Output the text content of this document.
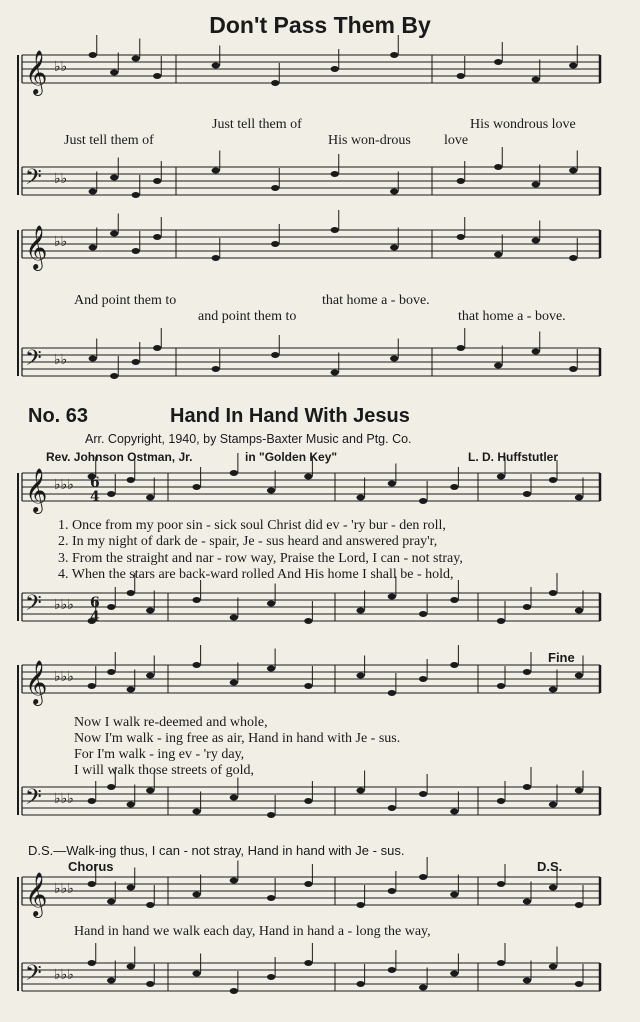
Don't Pass Them By
𝄞 ♭♭
𝄢 ♭♭
𝄞 ♭♭
𝄢 ♭♭
𝄞 ♭♭♭
𝄢 ♭♭♭
𝄞 ♭♭♭
𝄢 ♭♭♭
𝄞 ♭♭♭
𝄢 ♭♭♭
6
4
6
4
Just tell them of	His wondrous love
Just tell them of	His won-drous love
And point them to	that home a - bove.
and point them to	that home a - bove.
No. 63	Hand In Hand With Jesus
Arr. Copyright, 1940, by Stamps-Baxter Music and Ptg. Co.
Rev. Johnson Ostman, Jr.	in "Golden Key"	L. D. Huffstutler
1. Once from my poor sin - sick soul Christ did ev - 'ry bur - den roll,
2. In my night of dark de - spair, Je - sus heard and answered pray'r,
3. From the straight and nar - row way, Praise the Lord, I can - not stray,
4. When the stars are back-ward rolled And His home I shall be - hold,
Fine
Now I walk re-deemed and whole,
Now I'm walk - ing free as air, Hand in hand with Je - sus.
For I'm walk - ing ev - 'ry day,
I will walk those streets of gold,
D.S.—Walk-ing thus, I can - not stray, Hand in hand with Je - sus.
Chorus	D.S.
Hand in hand we walk each day, Hand in hand a - long the way,
